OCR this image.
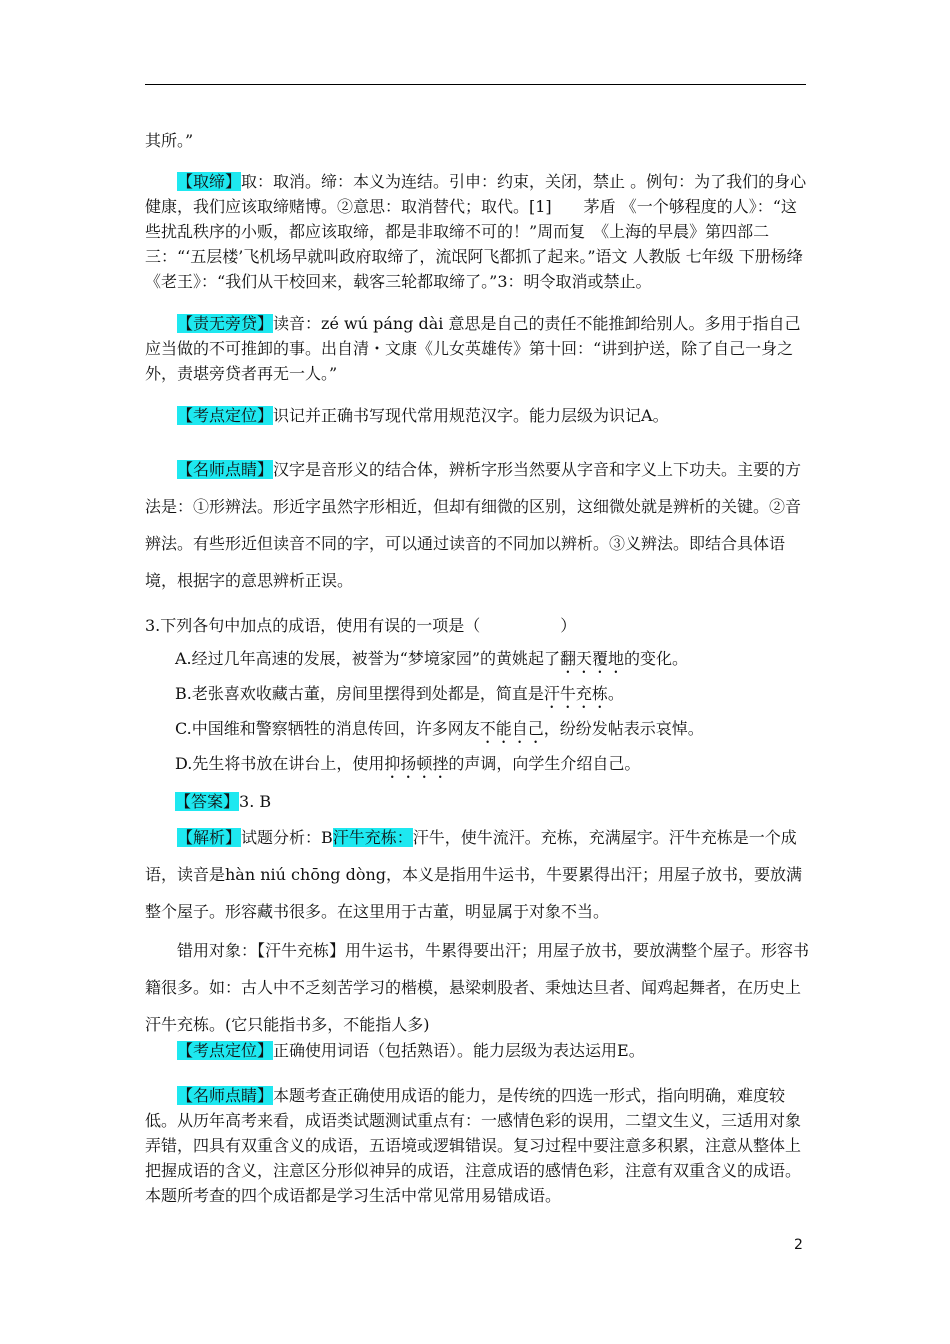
其所。”
【取缔】取：取消。缔：本义为连结。引申：约束，关闭，禁止 。例句：为了我们的身心健康，我们应该取缔赌博。②意思：取消替代；取代。[1]　　茅盾 《一个够程度的人》：“这些扰乱秩序的小贩，都应该取缔，都是非取缔不可的！”周而复　《上海的早晨》第四部二三：“‘五层楼’飞机场早就叫政府取缔了，流氓阿飞都抓了起来。”语文 人教版 七年级 下册杨绛《老王》：“我们从干校回来，载客三轮都取缔了。”3：明令取消或禁止。
【责无旁贷】读音：zé wú páng dài 意思是自己的责任不能推卸给别人。多用于指自己应当做的不可推卸的事。出自清・文康《儿女英雄传》第十回：“讲到护送，除了自己一身之外，责堪旁贷者再无一人。”
【考点定位】识记并正确书写现代常用规范汉字。能力层级为识记A。
【名师点睛】汉字是音形义的结合体，辨析字形当然要从字音和字义上下功夫。主要的方法是：①形辨法。形近字虽然字形相近，但却有细微的区别，这细微处就是辨析的关键。②音辨法。有些形近但读音不同的字，可以通过读音的不同加以辨析。③义辨法。即结合具体语境，根据字的意思辨析正误。
3.下列各句中加点的成语，使用有误的一项是（　　　　　）
A.经过几年高速的发展，被誉为“梦境家园”的黄姚起了翻天覆地的变化。
B.老张喜欢收藏古董，房间里摆得到处都是，简直是汗牛充栋。
C.中国维和警察牺牲的消息传回，许多网友不能自己，纷纷发帖表示哀悼。
D.先生将书放在讲台上，使用抑扬顿挫的声调，向学生介绍自己。
【答案】3. B
【解析】试题分析：B汗牛充栋：汗牛，使牛流汗。充栋，充满屋宇。汗牛充栋是一个成语，读音是hàn niú chōng dòng，本义是指用牛运书，牛要累得出汗；用屋子放书，要放满整个屋子。形容藏书很多。在这里用于古董，明显属于对象不当。
错用对象：【汗牛充栋】用牛运书，牛累得要出汗；用屋子放书，要放满整个屋子。形容书籍很多。如：古人中不乏刻苦学习的楷模，悬梁刺股者、秉烛达旦者、闻鸡起舞者，在历史上汗牛充栋。(它只能指书多，不能指人多)
【考点定位】正确使用词语（包括熟语）。能力层级为表达运用E。
【名师点睛】本题考查正确使用成语的能力，是传统的四选一形式，指向明确，难度较低。从历年高考来看，成语类试题测试重点有：一感情色彩的误用，二望文生义，三适用对象弄错，四具有双重含义的成语，五语境或逻辑错误。复习过程中要注意多积累，注意从整体上把握成语的含义，注意区分形似神异的成语，注意成语的感情色彩，注意有双重含义的成语。本题所考查的四个成语都是学习生活中常见常用易错成语。
2
